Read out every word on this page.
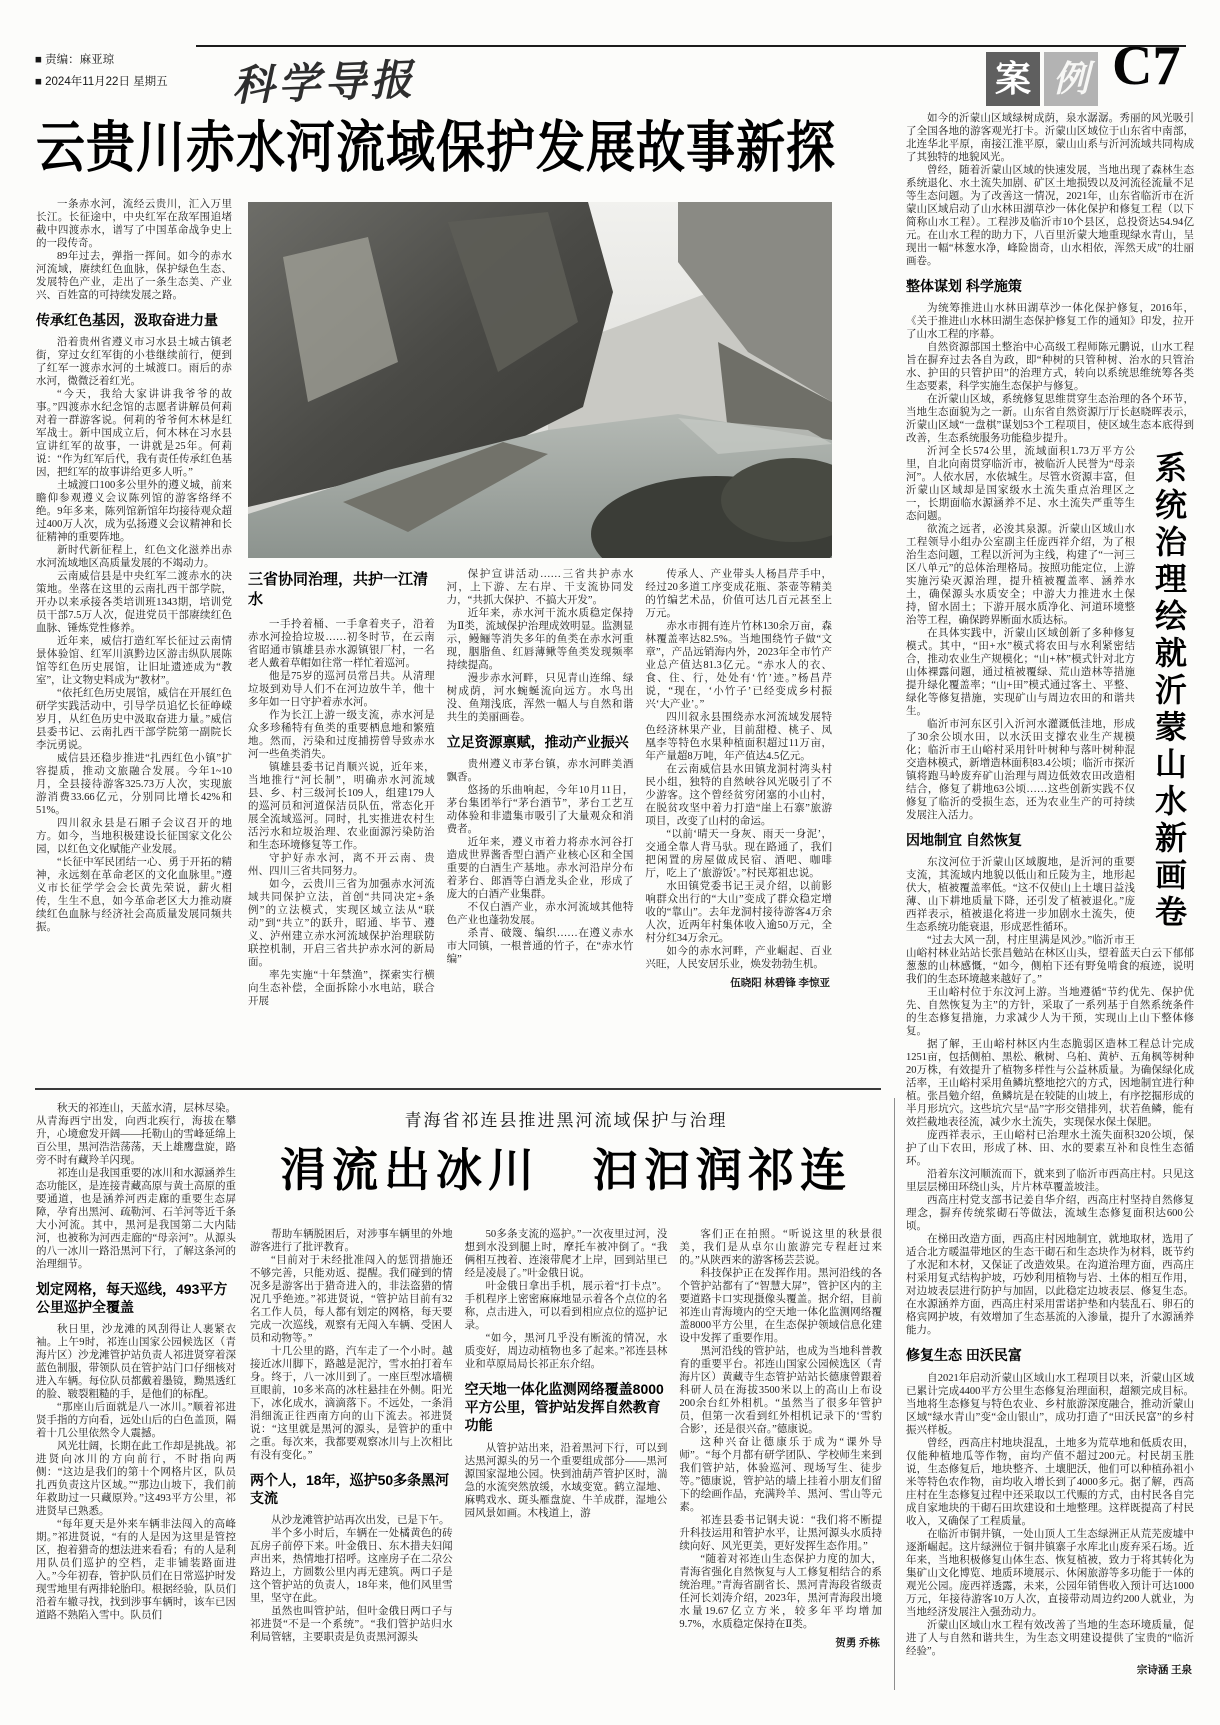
■ 责编：麻亚琼
■ 2024年11月22日 星期五 科学导报	案 例 C7
云贵川赤水河流域保护发展故事新探

一条赤水河，流经云贵川，汇入万里长江。长征途中，中央红军在敌军围追堵截中四渡赤水，谱写了中国革命战争史上的一段传奇。

89年过去，弹指一挥间。如今的赤水河流域，赓续红色血脉，保护绿色生态、发展特色产业，走出了一条生态美、产业兴、百姓富的可持续发展之路。

传承红色基因，汲取奋进力量

沿着贵州省遵义市习水县土城古镇老街，穿过女红军街的小巷继续前行，便到了红军一渡赤水河的土城渡口。雨后的赤水河，微微泛着红光。

“今天，我给大家讲讲我爷爷的故事。”四渡赤水纪念馆的志愿者讲解员何莉对着一群游客说。何莉的爷爷何木林是红军战士。新中国成立后，何木林在习水县宣讲红军的故事，一讲就是25年。何莉说：“作为红军后代，我有责任传承红色基因，把红军的故事讲给更多人听。”

土城渡口100多公里外的遵义城，前来瞻仰参观遵义会议陈列馆的游客络绎不绝。9年多来，陈列馆新馆年均接待观众超过400万人次，成为弘扬遵义会议精神和长征精神的重要阵地。

新时代新征程上，红色文化滋养出赤水河流域地区高质量发展的不竭动力。

云南威信县是中央红军二渡赤水的决策地。坐落在这里的云南扎西干部学院，开办以来承接各类培训班1343期，培训党员干部7.5万人次，促进党员干部赓续红色血脉、锤炼党性修养。

近年来，威信打造红军长征过云南情景体验馆、红军川滇黔边区游击纵队展陈馆等红色历史展馆，让旧址遗迹成为“教室”，让文物史料成为“教材”。

“依托红色历史展馆，威信在开展红色研学实践活动中，引导学员追忆长征峥嵘岁月，从红色历史中汲取奋进力量。”威信县委书记、云南扎西干部学院第一副院长李沅勇说。

威信县还稳步推进“扎西红色小镇”扩容提质，推动文旅融合发展。今年1~10月，全县接待游客325.73万人次，实现旅游消费33.66亿元，分别同比增长42%和51%。

四川叙永县是石厢子会议召开的地方。如今，当地积极建设长征国家文化公园，以红色文化赋能产业发展。

“长征中军民团结一心、勇于开拓的精神，永远刻在革命老区的文化血脉里。”遵义市长征学学会会长黄先荣说，薪火相传，生生不息，如今革命老区大力推动赓续红色血脉与经济社会高质量发展同频共振。

三省协同治理，共护一江清水

一手拎着桶、一手拿着夹子，沿着赤水河捡拾垃圾……初冬时节，在云南省昭通市镇雄县赤水源镇银厂村，一名老人戴着草帽如往常一样忙着巡河。

他是75岁的巡河员常吕共。从清理垃圾到劝导人们不在河边放牛羊，他十多年如一日守护着赤水河。

作为长江上游一级支流，赤水河是众多珍稀特有鱼类的重要栖息地和繁殖地。然而，污染和过度捕捞曾导致赤水河一些鱼类消失。

镇雄县委书记肖顺兴说，近年来，当地推行“河长制”，明确赤水河流域县、乡、村三级河长109人，组建179人的巡河员和河道保洁员队伍，常态化开展全流域巡河。同时，扎实推进农村生活污水和垃圾治理、农业面源污染防治和生态环境修复等工作。

守护好赤水河，离不开云南、贵州、四川三省共同努力。

如今，云贵川三省为加强赤水河流域共同保护立法，首创“共同决定+条例”的立法模式，实现区域立法从“联动”到“共立”的跃升，昭通、毕节、遵义、泸州建立赤水河流域保护治理联防联控机制，开启三省共护赤水河的新局面。

率先实施“十年禁渔”，探索实行横向生态补偿，全面拆除小水电站，联合开展

保护宣讲活动……三省共护赤水河，上下游、左右岸、干支流协同发力，“共抓大保护、不搞大开发”。

近年来，赤水河干流水质稳定保持为Ⅱ类，流域保护治理成效明显。监测显示，鳗鲡等消失多年的鱼类在赤水河重现，胭脂鱼、红唇薄鳅等鱼类发现频率持续提高。

漫步赤水河畔，只见青山连绵、绿树成荫，河水蜿蜒流向远方。水鸟出没、鱼翔浅底，浑然一幅人与自然和谐共生的美丽画卷。

立足资源禀赋，推动产业振兴

贵州遵义市茅台镇，赤水河畔美酒飘香。

悠扬的乐曲响起，今年10月11日，茅台集团举行“茅台酒节”，茅台工艺互动体验和非遗集市吸引了大量观众和消费者。

近年来，遵义市着力将赤水河谷打造成世界酱香型白酒产业核心区和全国重要的白酒生产基地。赤水河沿岸分布着茅台、郎酒等白酒龙头企业，形成了庞大的白酒产业集群。

不仅白酒产业，赤水河流域其他特色产业也蓬勃发展。

杀青、破篾、编织……在遵义赤水市大同镇，一根普通的竹子，在“赤水竹编”

传承人、产业带头人杨昌芹手中，经过20多道工序变成花瓶、茶壶等精美的竹编艺术品，价值可达几百元甚至上万元。

赤水市拥有连片竹林130余万亩，森林覆盖率达82.5%。当地围绕竹子做“文章”，产品远销海内外，2023年全市竹产业总产值达81.3亿元。“赤水人的衣、食、住、行，处处有‘竹’迹。”杨昌芹说，“现在，‘小竹子’已经变成乡村振兴‘大产业’。”

四川叙永县围绕赤水河流域发展特色经济林果产业，目前甜橙、桃子、凤凰李等特色水果种植面积超过11万亩，年产量超8万吨，年产值达4.5亿元。

在云南威信县水田镇龙洞村湾头村民小组，独特的自然峡谷风光吸引了不少游客。这个曾经贫穷闭塞的小山村，在脱贫攻坚中着力打造“崖上石寨”旅游项目，改变了山村的命运。

“以前‘晴天一身灰、雨天一身泥’，交通全靠人背马驮。现在路通了，我们把闲置的房屋做成民宿、酒吧、咖啡厅，吃上了‘旅游饭’。”村民郑祖忠说。

水田镇党委书记王灵介绍，以前影响群众出行的“大山”变成了群众稳定增收的“靠山”。去年龙洞村接待游客4万余人次，近两年村集体收入逾50万元，全村分红34万余元。

如今的赤水河畔，产业崛起、百业兴旺，人民安居乐业，焕发勃勃生机。

伍晓阳 林碧锋 李惊亚

如今的沂蒙山区域绿树成荫，泉水潺潺。秀丽的风光吸引了全国各地的游客观光打卡。沂蒙山区域位于山东省中南部，北连华北平原，南接江淮平原，蒙山山系与沂河流域共同构成了其独特的地貌风光。

曾经，随着沂蒙山区域的快速发展，当地出现了森林生态系统退化、水土流失加剧、矿区土地损毁以及河流径流量不足等生态问题。为了改善这一情况，2021年，山东省临沂市在沂蒙山区域启动了山水林田湖草沙一体化保护和修复工程（以下简称山水工程）。工程涉及临沂市10个县区，总投资达54.94亿元。在山水工程的助力下，八百里沂蒙大地重现绿水青山，呈现出一幅“林葱水净，峰险崮奇，山水相依，浑然天成”的壮丽画卷。

整体谋划 科学施策

为统筹推进山水林田湖草沙一体化保护修复，2016年，《关于推进山水林田湖生态保护修复工作的通知》印发，拉开了山水工程的序幕。

自然资源部国土整治中心高级工程师陈元鹏说，山水工程旨在摒弃过去各自为政，即“种树的只管种树、治水的只管治水、护田的只管护田”的治理方式，转向以系统思维统筹各类生态要素，科学实施生态保护与修复。

在沂蒙山区域，系统修复思维贯穿生态治理的各个环节，当地生态面貌为之一新。山东省自然资源厅厅长赵晓晖表示，沂蒙山区域“一盘棋”谋划53个工程项目，使区域生态本底得到改善，生态系统服务功能稳步提升。

系统治理绘就沂蒙山水新画卷

沂河全长574公里，流域面积1.73万平方公里，自北向南贯穿临沂市，被临沂人民誉为“母亲河”。人依水居，水依城生。尽管水资源丰富，但沂蒙山区域却是国家级水土流失重点治理区之一，长期面临水源涵养不足、水土流失严重等生态问题。

欲流之远者，必浚其泉源。沂蒙山区域山水工程领导小组办公室副主任庞西祥介绍，为了根治生态问题，工程以沂河为主线，构建了“一河三区八单元”的总体治理格局。按照功能定位，上游实施污染灭源治理，提升植被覆盖率、涵养水土，确保源头水质安全；中游大力推进水土保持，留水固土；下游开展水质净化、河道环境整治等工程，确保跨界断面水质达标。

在具体实践中，沂蒙山区域创新了多种修复模式。其中，“田+水”模式将农田与水利紧密结合，推动农业生产规模化；“山+林”模式针对北方山体裸露问题，通过植被覆绿、荒山造林等措施提升绿化覆盖率；“山+田”模式通过客土、平整、绿化等修复措施，实现矿山与周边农田的和谐共生。

临沂市河东区引入沂河水灌溉低洼地，形成了30余公顷水田，以水沃田支撑农业生产规模化；临沂市王山峪村采用针叶树种与落叶树种混交造林模式，新增造林面积83.4公顷；临沂市探沂镇将跑马岭废弃矿山治理与周边低效农田改造相结合，修复了耕地63公顷……这些创新实践不仅修复了临沂的受损生态，还为农业生产的可持续发展注入活力。

因地制宜 自然恢复

东汶河位于沂蒙山区域腹地，是沂河的重要支流，其流域内地貌以低山和丘陵为主，地形起伏大，植被覆盖率低。“这不仅使山上土壤日益浅薄、山下耕地质量下降，还引发了植被退化。”庞西祥表示，植被退化将进一步加剧水土流失，使生态系统功能衰退，形成恶性循环。

“过去大风一刮，村庄里满是风沙。”临沂市王山峪村林业站站长张昌勉站在林区山头，望着蓝天白云下郁郁葱葱的山林感慨，“如今，侧柏下还有野兔啃食的痕迹，说明我们的生态环境越来越好了。”

王山峪村位于东汶河上游。当地遵循“节约优先、保护优先、自然恢复为主”的方针，采取了一系列基于自然系统条件的生态修复措施，力求减少人为干预，实现山上山下整体修复。

据了解，王山峪村林区内生态脆弱区造林工程总计完成1251亩，包括侧柏、黑松、楸树、乌桕、黄栌、五角枫等树种20万株，有效提升了植物多样性与公益林质量。为确保绿化成活率，王山峪村采用鱼鳞坑整地挖穴的方式，因地制宜进行种植。张昌勉介绍，鱼鳞坑是在较陡的山坡上，有序挖掘形成的半月形坑穴。这些坑穴呈“品”字形交错排列，状若鱼鳞，能有效拦截地表径流，减少水土流失，实现保水保土保肥。

庞西祥表示，王山峪村已治理水土流失面积320公顷，保护了山下农田，形成了林、田、水的要素互补和良性生态循环。

沿着东汶河顺流而下，就来到了临沂市西高庄村。只见这里层层梯田环绕山头，片片林草覆盖坡洼。

西高庄村党支部书记姜自华介绍，西高庄村坚持自然修复理念，摒弃传统浆砌石等做法，流域生态修复面积达600公顷。

在梯田改造方面，西高庄村因地制宜，就地取材，选用了适合北方暖温带地区的生态干砌石和生态块作为材料，既节约了水泥和木材，又保证了改造效果。在沟道治理方面，西高庄村采用复式结构护坡，巧妙利用植物与岩、土体的相互作用，对边坡表层进行防护与加固，以此稳定边坡表层、修复生态。在水源涵养方面，西高庄村采用雷诺护垫和内装乱石、卵石的格宾网护坡，有效增加了生态基流的入渗量，提升了水源涵养能力。

修复生态 田沃民富

自2021年启动沂蒙山区域山水工程项目以来，沂蒙山区域已累计完成4400平方公里生态修复治理面积，超额完成目标。当地将生态修复与特色农业、乡村旅游深度融合，推动沂蒙山区域“绿水青山”变“金山银山”，成功打造了“田沃民富”的乡村振兴样板。

曾经，西高庄村地块混乱，土地多为荒草地和低质农田，仅能种植地瓜等作物，亩均产值不超过200元。村民胡玉胜说，生态修复后，地块整齐、土壤肥沃，他们可以种植孙祖小米等特色农作物，亩均收入增长到了4000多元。据了解，西高庄村在生态修复过程中还采取以工代赈的方式，由村民各自完成自家地块的干砌石田坎建设和土地整理。这样既提高了村民收入，又确保了工程质量。

在临沂市铜井镇，一处山顶人工生态绿洲正从荒芜废墟中逐渐崛起。这片绿洲位于铜井镇寨子水库北山废弃采石场。近年来，当地积极修复山体生态、恢复植被，致力于将其转化为集矿山文化博览、地质环境展示、休闲旅游等多功能于一体的观光公园。庞西祥透露，未来，公园年销售收入预计可达1000万元，年接待游客10万人次，直接带动周边约200人就业，为当地经济发展注入强劲动力。

沂蒙山区域山水工程有效改善了当地的生态环境质量，促进了人与自然和谐共生，为生态文明建设提供了宝贵的“临沂经验”。

宗诗涵 王泉

青海省祁连县推进黑河流域保护与治理

涓流出冰川　汩汩润祁连

秋天的祁连山，天蓝水清，层林尽染。从青海西宁出发，向西北疾行，海拔在攀升，心境愈发开阔——托勒山的雪峰延绵上百公里，黑河浩浩荡荡，天上雄鹰盘旋，路旁不时有藏羚羊闪现。

祁连山是我国重要的冰川和水源涵养生态功能区，是连接青藏高原与黄土高原的重要通道，也是涵养河西走廊的重要生态屏障，孕育出黑河、疏勒河、石羊河等近千条大小河流。其中，黑河是我国第二大内陆河，也被称为河西走廊的“母亲河”。从源头的八一冰川一路沿黑河下行，了解这条河的治理细节。

划定网格，每天巡线，493平方公里巡护全覆盖

秋日里，沙龙滩的风刮得让人裹紧衣袖。上午9时，祁连山国家公园候选区（青海片区）沙龙滩管护站负责人祁进贤穿着深蓝色制服，带领队员在管护站门口仔细核对进入车辆。每位队员都戴着墨镜，黝黑透红的脸、皲裂粗糙的手，是他们的标配。

“那座山后面就是八一冰川。”顺着祁进贤手指的方向看，远处山后的白色盖顶，隔着十几公里依然令人震撼。

风光壮阔，长期在此工作却是挑战。祁进贤向冰川的方向前行，不时指向两侧：“这边是我们的第十个网格片区，队员扎西负责这片区域。”“那边山坡下，我们前年救助过一只藏原羚。”这493平方公里，祁进贤早已熟悉。

“每年夏天是外来车辆非法闯入的高峰期。”祁进贤说，“有的人是因为这里是管控区，抱着猎奇的想法进来看看；有的人是利用队员们巡护的空档，走非铺装路面进入。”今年初春，管护队员们在日常巡护时发现雪地里有两排轮胎印。根据经验，队员们沿着车辙寻找，找到涉事车辆时，该车已因道路不熟陷入雪中。队员们

帮助车辆脱困后，对涉事车辆里的外地游客进行了批评教育。

“目前对于未经批准闯入的惩罚措施还不够完善，只能劝返、提醒。我们碰到的情况多是游客出于猎奇进入的，非法盗猎的情况几乎绝迹。”祁进贤说，“管护站目前有32名工作人员，每人都有划定的网格，每天要完成一次巡线，观察有无闯入车辆、受困人员和动物等。”

十几公里的路，汽车走了一个小时。越接近冰川脚下，路越是泥泞，雪水拍打着车身。终于，八一冰川到了。一座巨型冰墙横亘眼前，10多米高的冰柱悬挂在外侧。阳光下，冰化成水，滴滴落下。不远处，一条涓涓细流正往西南方向的山下流去。祁进贤说：“这里就是黑河的源头，是管护的重中之重。每次来，我都要观察冰川与上次相比有没有变化。”

两个人，18年，巡护50多条黑河支流

从沙龙滩管护站再次出发，已是下午。

半个多小时后，车辆在一处橘黄色的砖瓦房子前停下来。叶金俄日、东木措夫妇闻声出来，热情地打招呼。这座房子在二尕公路边上，方圆数公里内再无建筑。两口子是这个管护站的负责人，18年来，他们风里雪里，坚守在此。

虽然也叫管护站，但叶金俄日两口子与祁进贤“不是一个系统”。“我们管护站归水利局管辖，主要职责是负责黑河源头

50多条支流的巡护。”一次夜里过河，没想到水没到腿上时，摩托车被冲倒了。“我俩相互拽着、连滚带爬才上岸，回到站里已经是凌晨了。”叶金俄日说。

叶金俄日拿出手机，展示着“打卡点”。手机程序上密密麻麻地显示着各个点位的名称，点击进入，可以看到相应点位的巡护记录。

“如今，黑河几乎没有断流的情况，水质变好，周边动植物也多了起来。”祁连县林业和草原局局长祁正东介绍。

空天地一体化监测网络覆盖8000平方公里，管护站发挥自然教育功能

从管护站出来，沿着黑河下行，可以到达黑河源头的另一个重要组成部分——黑河源国家湿地公园。快到油葫芦管护区时，湍急的水流突然放缓，水域变宽。鹤立湿地、麻鸭戏水、斑头雁盘旋、牛羊成群，湿地公园风景如画。木栈道上，游

客们正在拍照。“听说这里的秋景很美，我们是从卓尔山旅游完专程赶过来的。”从陕西来的游客杨芸芸说。

科技保护正在发挥作用。黑河沿线的各个管护站都有了“智慧大屏”，管护区内的主要道路卡口实现摄像头覆盖。据介绍，目前祁连山青海境内的空天地一体化监测网络覆盖8000平方公里，在生态保护领域信息化建设中发挥了重要作用。

黑河沿线的管护站，也成为当地科普教育的重要平台。祁连山国家公园候选区（青海片区）黄藏寺生态管护站站长德康曾跟着科研人员在海拔3500米以上的高山上布设200余台红外相机。“虽然当了很多年管护员，但第一次看到红外相机记录下的‘雪豹合影’，还是很兴奋。”德康说。

这种兴奋让德康乐于成为“课外导师”。“每个月都有研学团队、学校师生来到我们管护站，体验巡河、现场写生、徒步等。”德康说，管护站的墙上挂着小朋友们留下的绘画作品，充满羚羊、黑河、雪山等元素。

祁连县委书记钢夫说：“我们将不断提升科技运用和管护水平，让黑河源头水质持续向好、风光更美，更好发挥生态作用。”

“随着对祁连山生态保护力度的加大，青海省强化自然恢复与人工修复相结合的系统治理。”青海省副省长、黑河青海段省级责任河长刘涛介绍，2023年，黑河青海段出境水量19.67亿立方米，较多年平均增加9.7%，水质稳定保持在Ⅱ类。

贺勇 乔栋
